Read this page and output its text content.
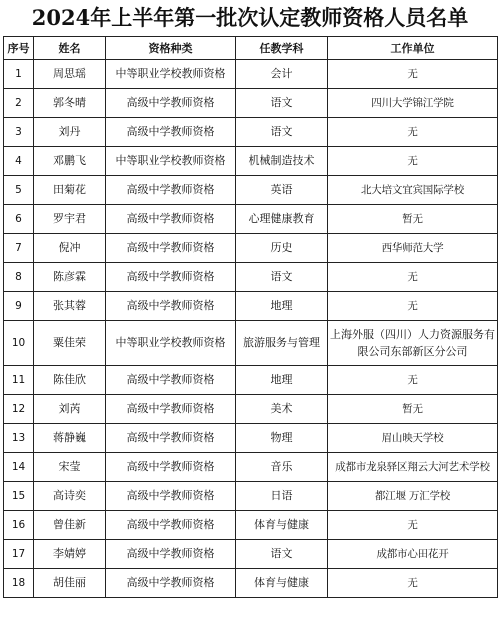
2024年上半年第一批次认定教师资格人员名单
序号	姓名	资格种类	任教学科	工作单位
1	周思瑶	中等职业学校教师资格	会计	无
2	郭冬晴	高级中学教师资格	语文	四川大学锦江学院
3	刘丹	高级中学教师资格	语文	无
4	邓鹏飞	中等职业学校教师资格	机械制造技术	无
5	田菊花	高级中学教师资格	英语	北大培文宜宾国际学校
6	罗宇君	高级中学教师资格	心理健康教育	暂无
7	倪冲	高级中学教师资格	历史	西华师范大学
8	陈彦霖	高级中学教师资格	语文	无
9	张其蓉	高级中学教师资格	地理	无
10	粟佳荣	中等职业学校教师资格	旅游服务与管理	上海外服（四川）人力资源服务有限公司东部新区分公司
11	陈佳欣	高级中学教师资格	地理	无
12	刘芮	高级中学教师资格	美术	暂无
13	蒋静巍	高级中学教师资格	物理	眉山映天学校
14	宋莹	高级中学教师资格	音乐	成都市龙泉驿区翔云大河艺术学校
15	高诗奕	高级中学教师资格	日语	都江堰 万汇学校
16	曾佳新	高级中学教师资格	体育与健康	无
17	李婧婷	高级中学教师资格	语文	成都市心田花开
18	胡佳丽	高级中学教师资格	体育与健康	无
